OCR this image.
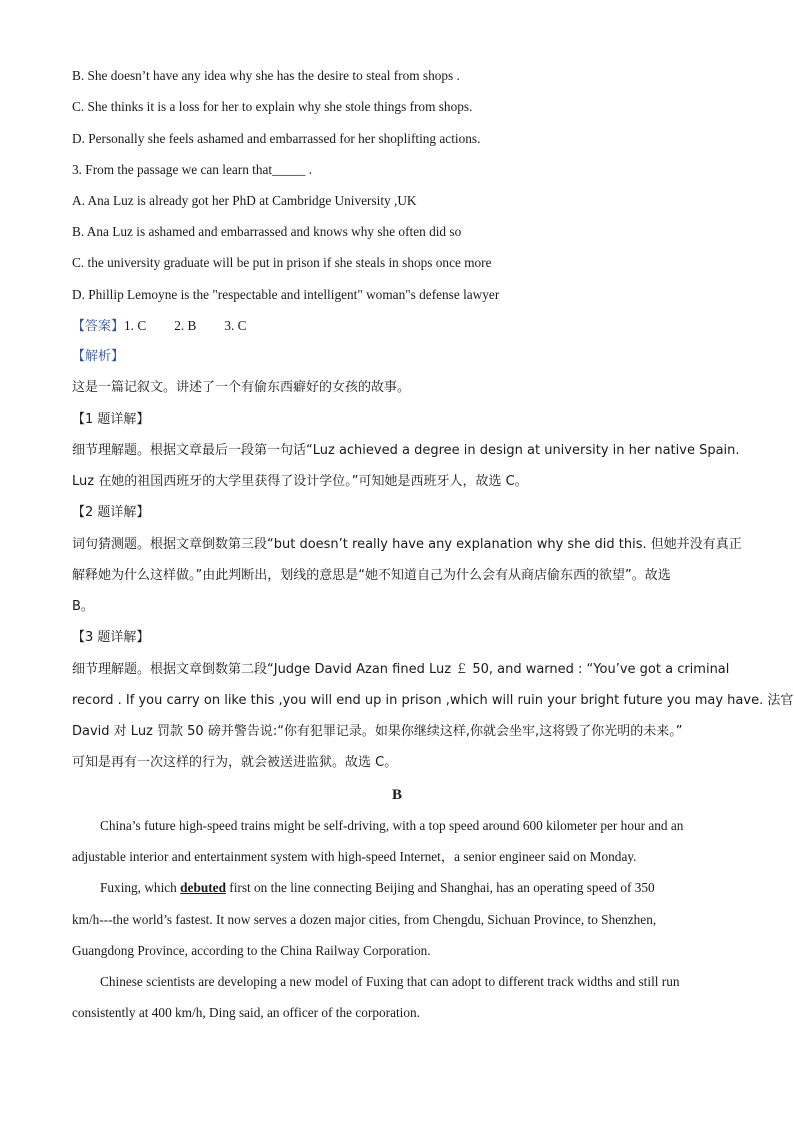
B. She doesn’t have any idea why she has the desire to steal from shops .
C. She thinks it is a loss for her to explain why she stole things from shops.
D. Personally she feels ashamed and embarrassed for her shoplifting actions.
3. From the passage we can learn that_____ .
A. Ana Luz is already got her PhD at Cambridge University ,UK
B. Ana Luz is ashamed and embarrassed and knows why she often did so
C. the university graduate will be put in prison if she steals in shops once more
D. Phillip Lemoyne is the "respectable and intelligent" woman"s defense lawyer
【答案】1. C 2. B 3. C
【解析】
这是一篇记叙文。讲述了一个有偷东西癖好的女孩的故事。
【1 题详解】
细节理解题。根据文章最后一段第一句话“Luz achieved a degree in design at university in her native Spain.
Luz 在她的祖国西班牙的大学里获得了设计学位。”可知她是西班牙人，故选 C。
【2 题详解】
词句猜测题。根据文章倒数第三段“but doesn’t really have any explanation why she did this. 但她并没有真正
解释她为什么这样做。”由此判断出，划线的意思是“她不知道自己为什么会有从商店偷东西的欲望”。故选
B。
【3 题详解】
细节理解题。根据文章倒数第二段“Judge David Azan fined Luz ￡ 50, and warned : “You’ve got a criminal
record . If you carry on like this ,you will end up in prison ,which will ruin your bright future you may have. 法官
David 对 Luz 罚款 50 磅并警告说:“你有犯罪记录。如果你继续这样,你就会坐牢,这将毁了你光明的未来。”
可知是再有一次这样的行为，就会被送进监狱。故选 C。
B
China’s future high-speed trains might be self-driving, with a top speed around 600 kilometer per hour and an
adjustable interior and entertainment system with high-speed Internet，a senior engineer said on Monday.
Fuxing, which debuted first on the line connecting Beijing and Shanghai, has an operating speed of 350
km/h---the world’s fastest. It now serves a dozen major cities, from Chengdu, Sichuan Province, to Shenzhen,
Guangdong Province, according to the China Railway Corporation.
Chinese scientists are developing a new model of Fuxing that can adopt to different track widths and still run
consistently at 400 km/h, Ding said, an officer of the corporation.
